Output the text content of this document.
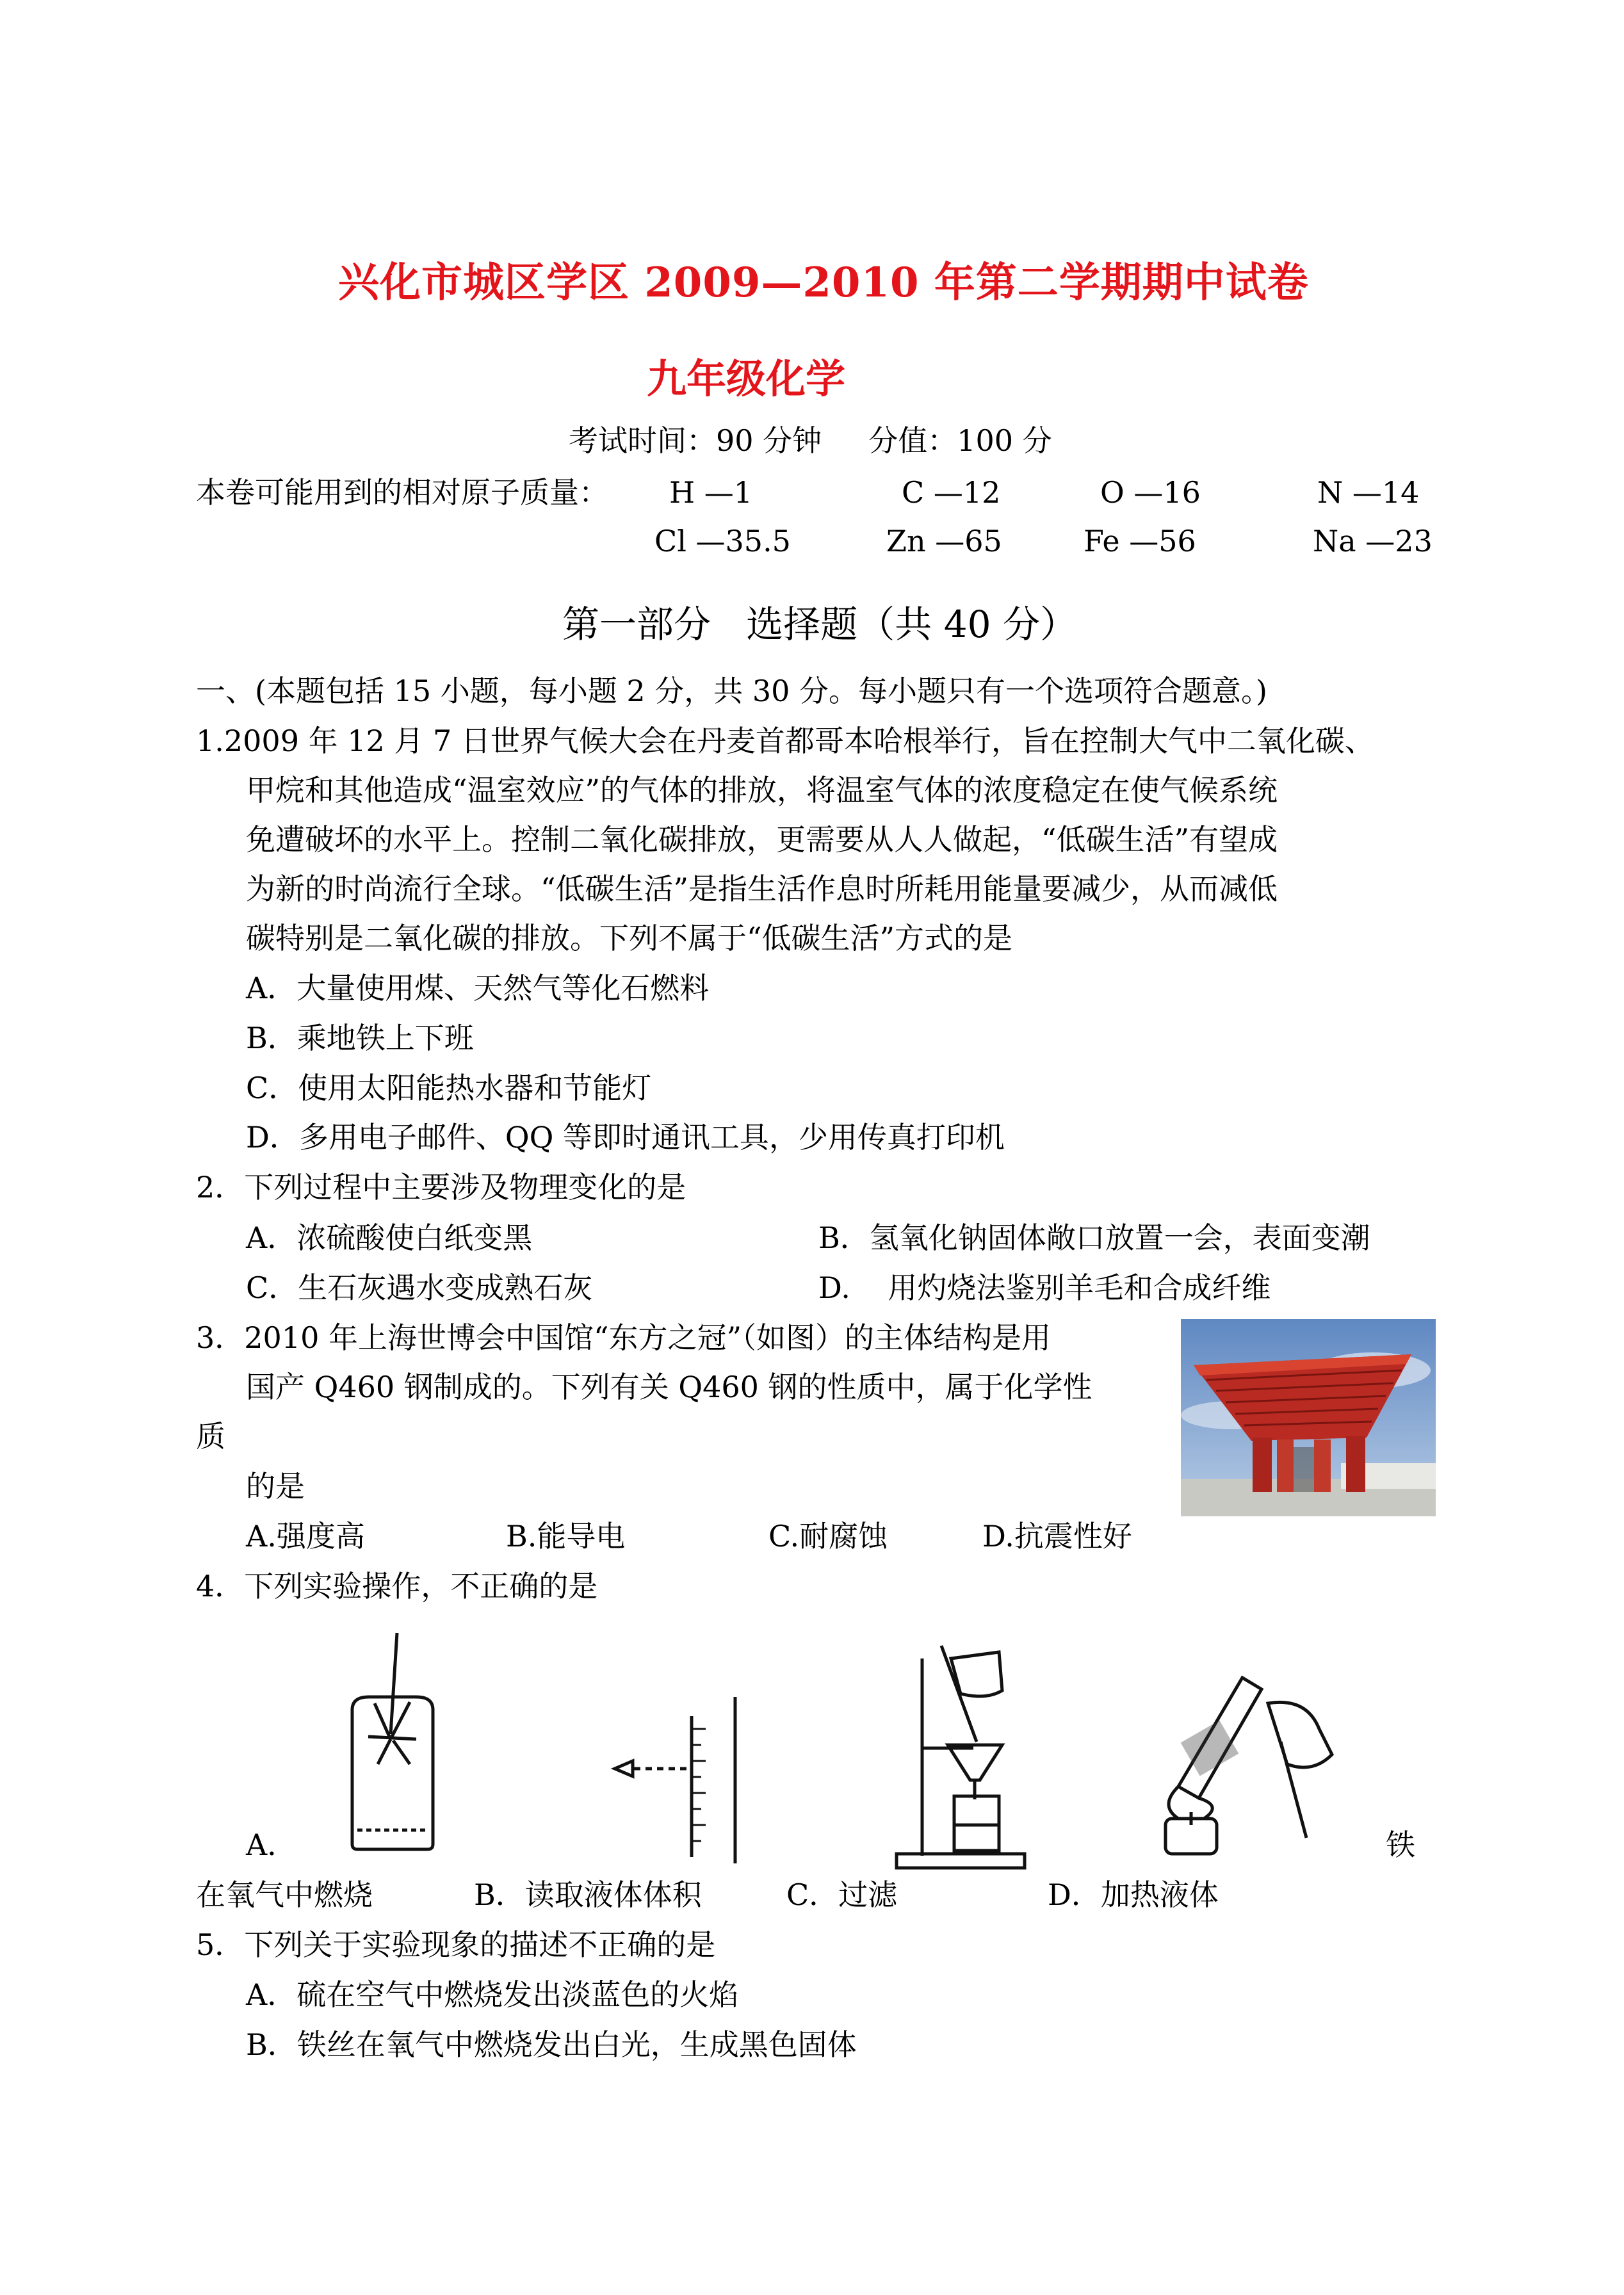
兴化市城区学区 2009—2010 年第二学期期中试卷
九年级化学
考试时间：90 分钟     分值：100 分
本卷可能用到的相对原子质量： H —1	C —12	O —16	N —14
Cl —35.5	Zn —65	Fe —56	Na —23
第一部分   选择题（共 40 分）
一、(本题包括 15 小题，每小题 2 分，共 30 分。每小题只有一个选项符合题意。)
1.2009 年 12 月 7 日世界气候大会在丹麦首都哥本哈根举行，旨在控制大气中二氧化碳、
甲烷和其他造成“温室效应”的气体的排放，将温室气体的浓度稳定在使气候系统
免遭破坏的水平上。控制二氧化碳排放，更需要从人人做起，“低碳生活”有望成
为新的时尚流行全球。“低碳生活”是指生活作息时所耗用能量要减少，从而减低
碳特别是二氧化碳的排放。下列不属于“低碳生活”方式的是
A．大量使用煤、天然气等化石燃料
B．乘地铁上下班
C．使用太阳能热水器和节能灯
D．多用电子邮件、QQ 等即时通讯工具，少用传真打印机
2．下列过程中主要涉及物理变化的是
A．浓硫酸使白纸变黑	B．氢氧化钠固体敞口放置一会，表面变潮
C．生石灰遇水变成熟石灰	D.    用灼烧法鉴别羊毛和合成纤维
3．2010 年上海世博会中国馆“东方之冠”（如图）的主体结构是用
国产 Q460 钢制成的。下列有关 Q460 钢的性质中，属于化学性
质
的是
A.强度高	B.能导电	C.耐腐蚀	D.抗震性好
4．下列实验操作，不正确的是
A．	铁
在氧气中燃烧	B．读取液体体积	C．过滤	D．加热液体
5．下列关于实验现象的描述不正确的是
A．硫在空气中燃烧发出淡蓝色的火焰
B．铁丝在氧气中燃烧发出白光，生成黑色固体
